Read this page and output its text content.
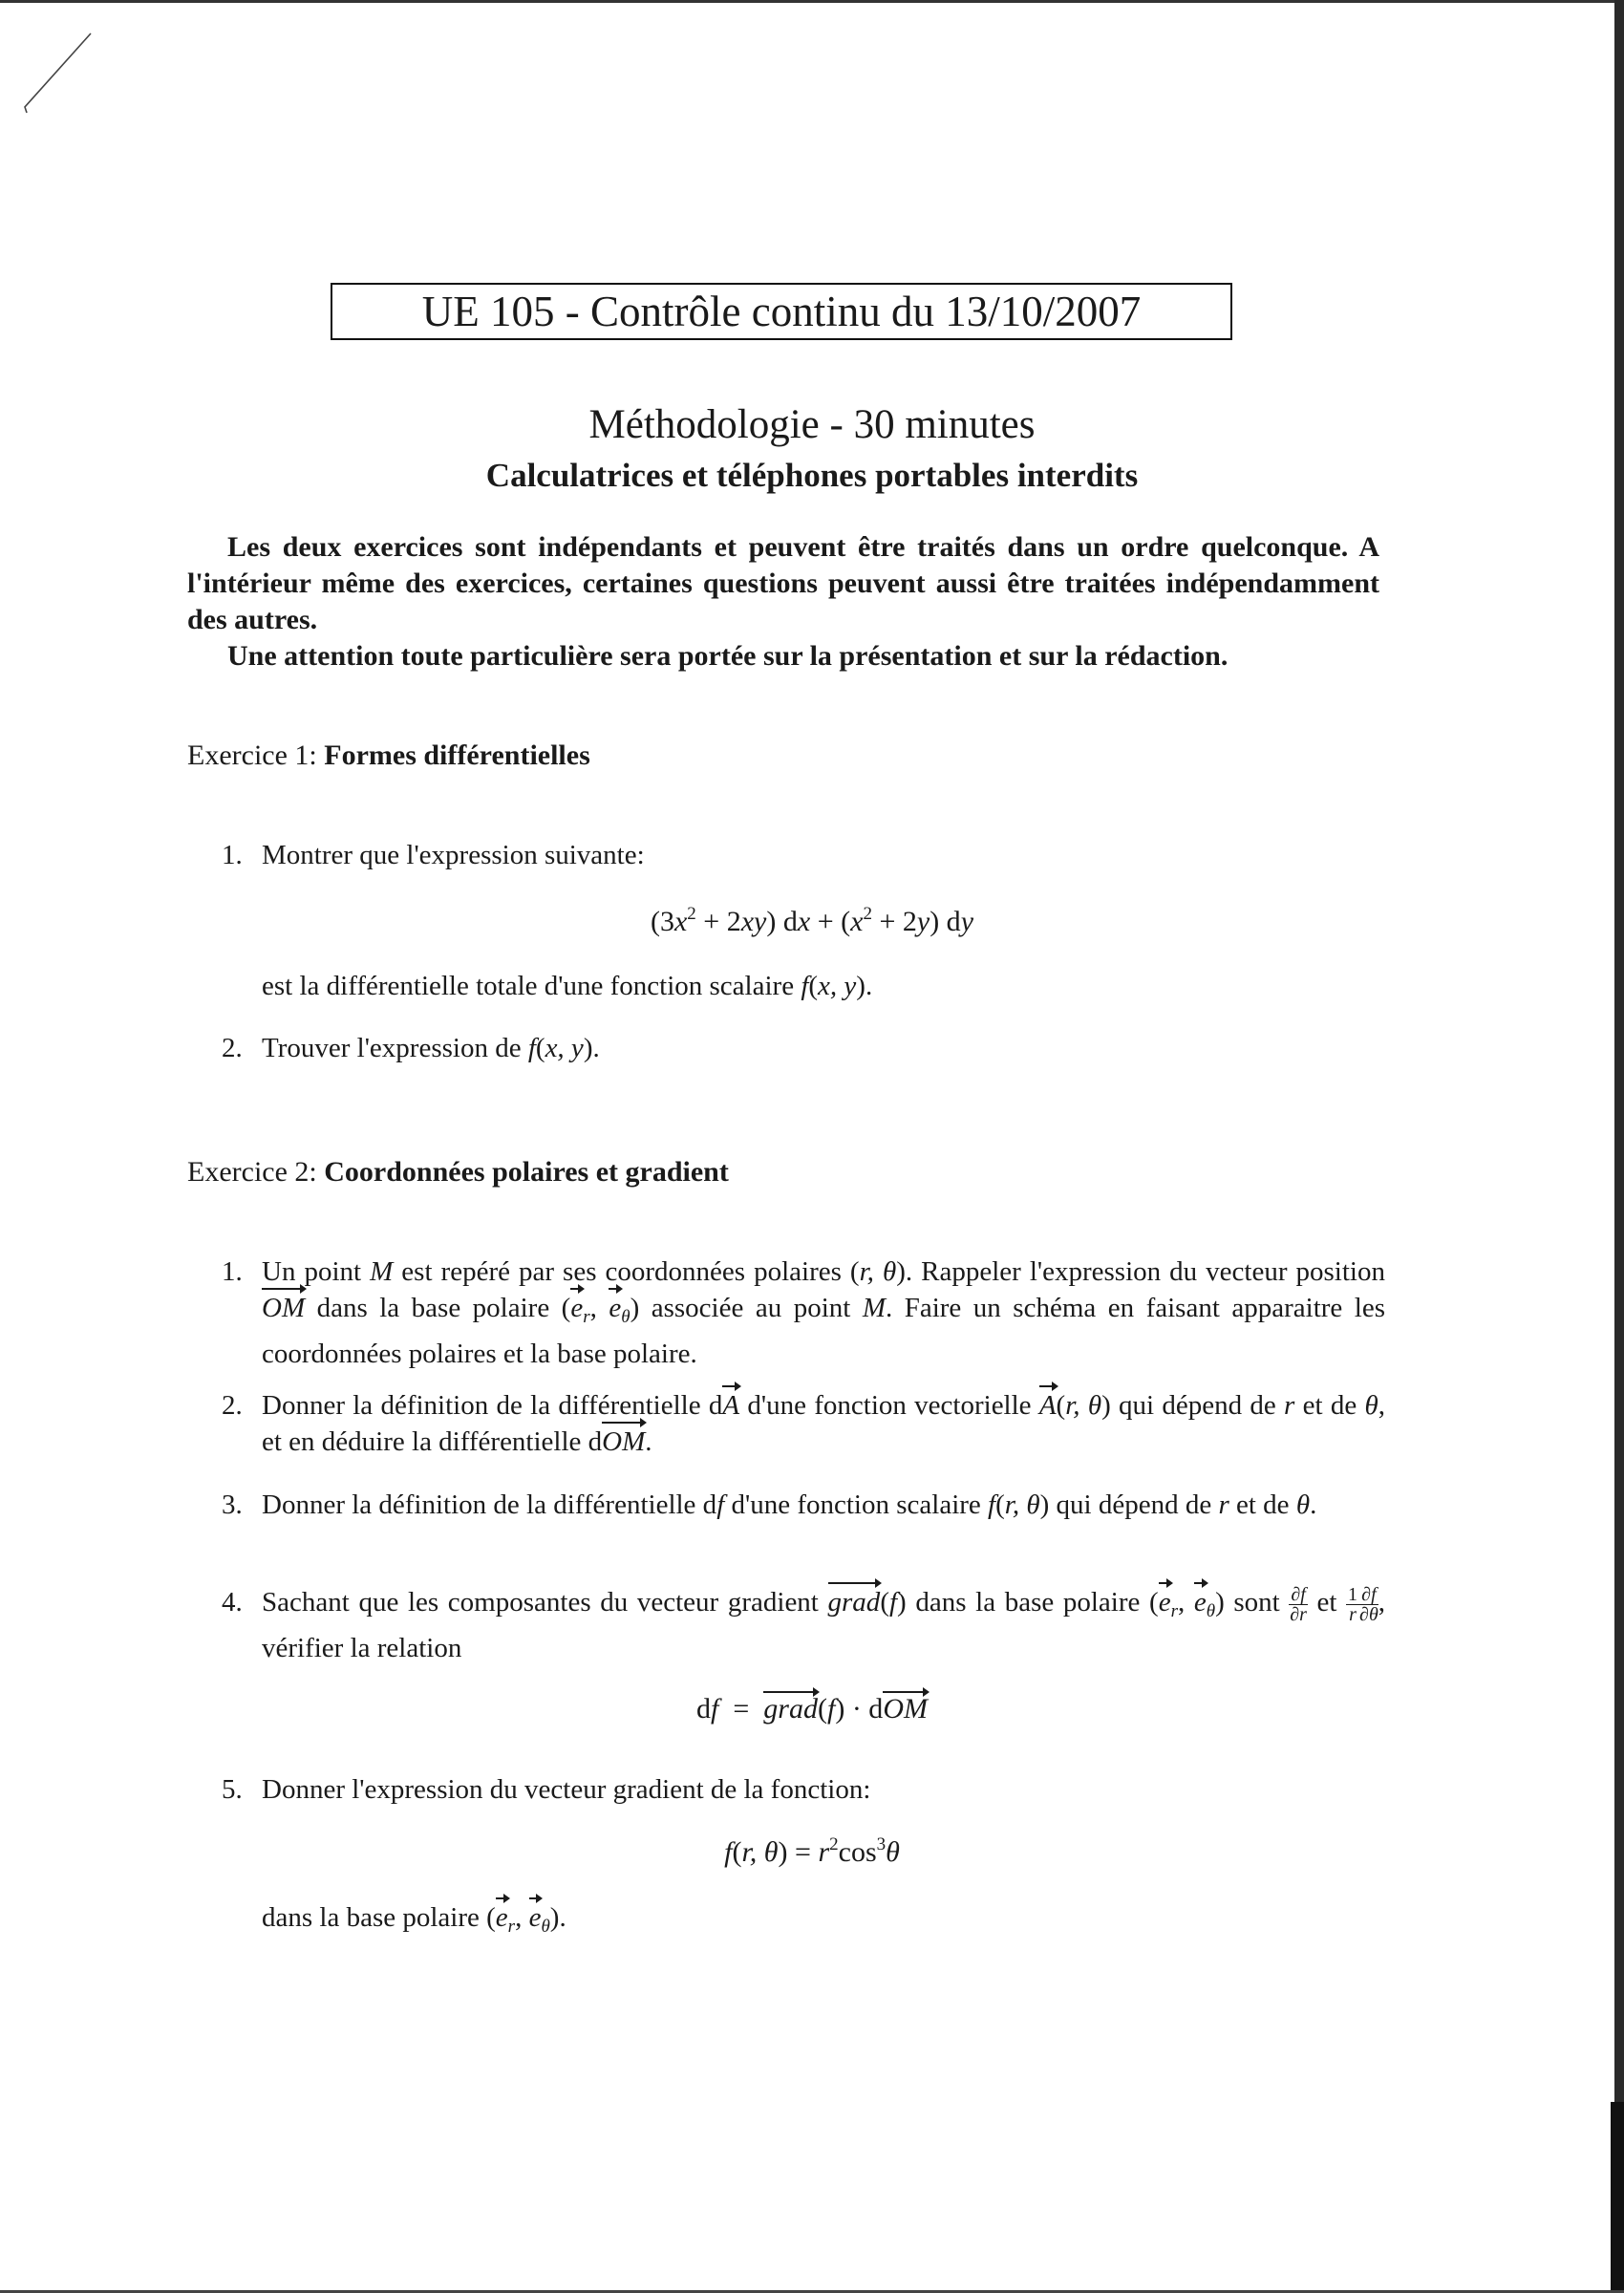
UE 105 - Contrôle continu du 13/10/2007
Méthodologie - 30 minutes
Calculatrices et téléphones portables interdits

Les deux exercices sont indépendants et peuvent être traités dans un ordre quelconque. A l'intérieur même des exercices, certaines questions peuvent aussi être traitées indépendamment des autres.

Une attention toute particulière sera portée sur la présentation et sur la rédaction.

Exercice 1: Formes différentielles
1. Montrer que l'expression suivante:
$(3x^2 + 2xy)$ dx + $(x^2 + 2y)$ dy
est la différentielle totale d'une fonction scalaire f(x, y).
2. Trouver l'expression de f(x, y).
Exercice 2: Coordonnées polaires et gradient
1. Un point M est repéré par ses coordonnées polaires (r, θ). Rappeler l'expression du vecteur position OM dans la base polaire ($e_r$, $e_\theta$) associée au point M. Faire un schéma en faisant apparaitre les coordonnées polaires et la base polaire.
2. Donner la définition de la différentielle dA d'une fonction vectorielle A(r, θ) qui dépend de r et de θ, et en déduire la différentielle dOM.
3. Donner la définition de la différentielle df d'une fonction scalaire f(r, θ) qui dépend de r et de θ.
4. Sachant que les composantes du vecteur gradient grad(f) dans la base polaire ($e_r$, $e_\theta$) sont $\frac{\partial f}{\partial r}$ et $\frac{1}{r} \frac{\partial f}{\partial\theta}$ , vérifier la relation
df  =  grad(f) · dOM
5. Donner l'expression du vecteur gradient de la fonction:
f(r, $\theta) = r^2\cos^3\theta$
dans la base polaire ($e_r$, $e_\theta$).
